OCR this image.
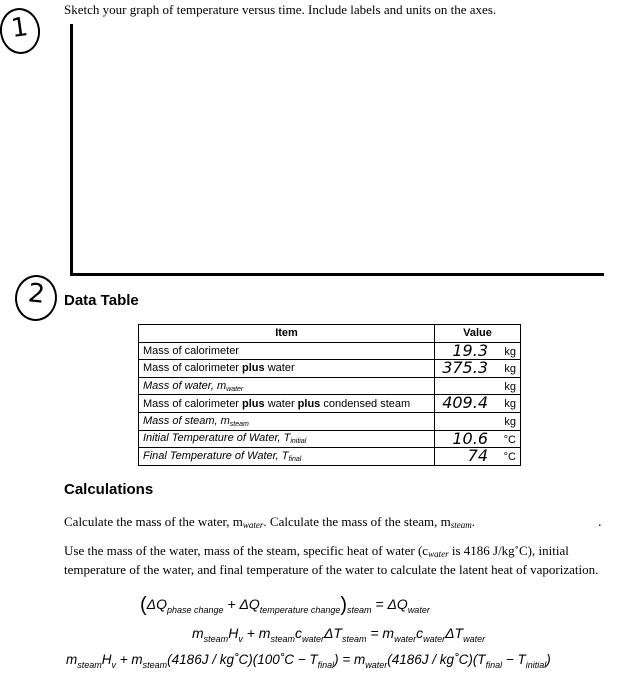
1
Sketch your graph of temperature versus time. Include labels and units on the axes.
2	Data Table
Item	Value
Mass of calorimeter	19.3 kg

Mass of calorimeter plus water	375.3 kg

Mass of water, $m_{water}$	kg

Mass of calorimeter plus water plus condensed steam	409.4 kg

Mass of steam, $m_{steam}$	kg

Initial Temperature of Water, $T_{initial}$	10.6 °C

Final Temperature of Water, $T_{final}$	74 °C
Calculations
Calculate the mass of the water, $m_{water}$. Calculate the mass of the steam, $m_{steam}$.	.
Use the mass of the water, mass of the steam, specific heat of water ($c_{water}$ is 4186 J/kg˚C), initial temperature of the water, and final temperature of the water to calculate the latent heat of vaporization.
$(\Delta Q_{phase change} + \Delta Q_{temperature change})_{steam} = \Delta Q_{water}$
$m_{steam}H_v + m_{steam}c_{water}\Delta T_{steam} = m_{water}c_{water}\Delta T_{water}$
$m_{steam}H_v + m_{steam}(4186J$ / kg˚C)(100˚C − $T_{final}) = m_{water}(4186J$ / $kg˚C)(T_{final} - T_{initial})$
